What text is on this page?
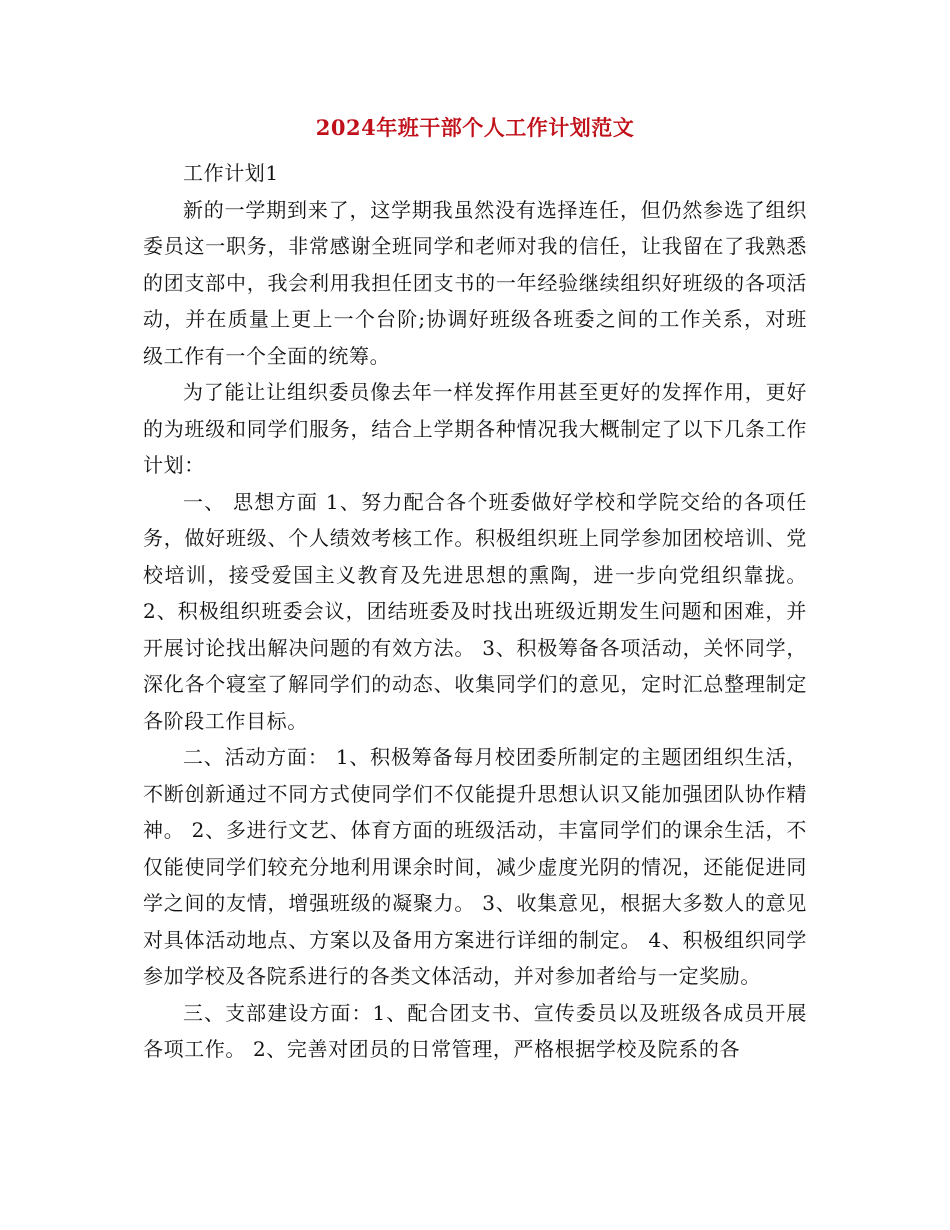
2024年班干部个人工作计划范文

工作计划1

新的一学期到来了，这学期我虽然没有选择连任，但仍然参选了组织委员这一职务，非常感谢全班同学和老师对我的信任，让我留在了我熟悉的团支部中，我会利用我担任团支书的一年经验继续组织好班级的各项活动，并在质量上更上一个台阶;协调好班级各班委之间的工作关系，对班级工作有一个全面的统筹。

为了能让让组织委员像去年一样发挥作用甚至更好的发挥作用，更好的为班级和同学们服务，结合上学期各种情况我大概制定了以下几条工作计划：

一、 思想方面 1、努力配合各个班委做好学校和学院交给的各项任务，做好班级、个人绩效考核工作。积极组织班上同学参加团校培训、党校培训，接受爱国主义教育及先进思想的熏陶，进一步向党组织靠拢。 2、积极组织班委会议，团结班委及时找出班级近期发生问题和困难，并开展讨论找出解决问题的有效方法。 3、积极筹备各项活动，关怀同学，深化各个寝室了解同学们的动态、收集同学们的意见，定时汇总整理制定各阶段工作目标。

二、活动方面： 1、积极筹备每月校团委所制定的主题团组织生活，不断创新通过不同方式使同学们不仅能提升思想认识又能加强团队协作精神。 2、多进行文艺、体育方面的班级活动，丰富同学们的课余生活，不仅能使同学们较充分地利用课余时间，减少虚度光阴的情况，还能促进同学之间的友情，增强班级的凝聚力。 3、收集意见，根据大多数人的意见对具体活动地点、方案以及备用方案进行详细的制定。 4、积极组织同学参加学校及各院系进行的各类文体活动，并对参加者给与一定奖励。

三、支部建设方面：1、配合团支书、宣传委员以及班级各成员开展各项工作。 2、完善对团员的日常管理，严格根据学校及院系的各
